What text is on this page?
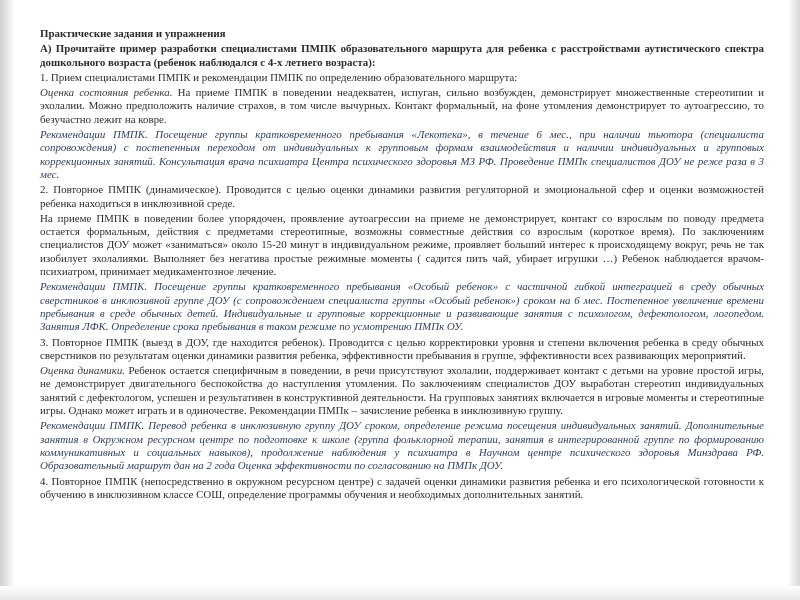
Практические задания и упражнения

А) Прочитайте пример разработки специалистами ПМПК образовательного маршрута для ребенка с расстройствами аутистического спектра дошкольного возраста (ребенок наблюдался с 4-х летнего возраста):

1. Прием специалистами ПМПК и рекомендации ПМПК по определению образовательного маршрута:

Оценка состояния ребенка. На приеме ПМПК в поведении неадекватен, испуган, сильно возбужден, демонстрирует множественные стереотипии и эхолалии. Можно предположить наличие страхов, в том числе вычурных. Контакт формальный, на фоне утомления демонстрирует то аутоагрессию, то безучастно лежит на ковре.

Рекомендации ПМПК. Посещение группы кратковременного пребывания «Лекотека», в течение 6 мес., при наличии тьютора (специалиста сопровождения) с постепенным переходом от индивидуальных к групповым формам взаимодействия и наличии индивидуальных и групповых коррекционных занятий. Консультация врача психиатра Центра психического здоровья МЗ РФ. Проведение ПМПк специалистов ДОУ не реже раза в 3 мес.

2. Повторное ПМПК (динамическое). Проводится с целью оценки динамики развития регуляторной и эмоциональной сфер и оценки возможностей ребенка находиться в инклюзивной среде.

На приеме ПМПК в поведении более упорядочен, проявление аутоагрессии на приеме не демонстрирует, контакт со взрослым по поводу предмета остается формальным, действия с предметами стереотипные, возможны совместные действия со взрослым (короткое время). По заключениям специалистов ДОУ может «заниматься» около 15-20 минут в индивидуальном режиме, проявляет больший интерес к происходящему вокруг, речь не так изобилует эхолалиями. Выполняет без негатива простые режимные моменты ( садится пить чай, убирает игрушки …) Ребенок наблюдается врачом-психиатром, принимает медикаментозное лечение.

Рекомендации ПМПК. Посещение группы кратковременного пребывания «Особый ребенок» с частичной гибкой интеграцией в среду обычных сверстников в инклюзивной группе ДОУ (с сопровождением специалиста группы «Особый ребенок») сроком на 6 мес. Постепенное увеличение времени пребывания в среде обычных детей. Индивидуальные и групповые коррекционные и развивающие занятия с психологом, дефектологом, логопедом. Занятия ЛФК. Определение срока пребывания в таком режиме по усмотрению ПМПк ОУ.

3. Повторное ПМПК (выезд в ДОУ, где находится ребенок). Проводится с целью корректировки уровня и степени включения ребенка в среду обычных сверстников по результатам оценки динамики развития ребенка, эффективности пребывания в группе, эффективности всех развивающих мероприятий.

Оценка динамики. Ребенок остается специфичным в поведении, в речи присутствуют эхолалии, поддерживает контакт с детьми на уровне простой игры, не демонстрирует двигательного беспокойства до наступления утомления. По заключениям специалистов ДОУ выработан стереотип индивидуальных занятий с дефектологом, успешен и результативен в конструктивной деятельности. На групповых занятиях включается в игровые моменты и стереотипные игры. Однако может играть и в одиночестве. Рекомендации ПМПк – зачисление ребенка в инклюзивную группу.

Рекомендации ПМПК. Перевод ребенка в инклюзивную группу ДОУ сроком, определение режима посещения индивидуальных занятий. Дополнительные занятия в Окружном ресурсном центре по подготовке к школе (группа фольклорной терапии, занятия в интегрированной группе по формированию коммуникативных и социальных навыков), продолжение наблюдения у психиатра в Научном центре психического здоровья Минздрава РФ. Образовательный маршрут дан на 2 года Оценка эффективности по согласованию на ПМПк ДОУ.

4. Повторное ПМПК (непосредственно в окружном ресурсном центре) с задачей оценки динамики развития ребенка и его психологической готовности к обучению в инклюзивном классе СОШ, определение программы обучения и необходимых дополнительных занятий.
